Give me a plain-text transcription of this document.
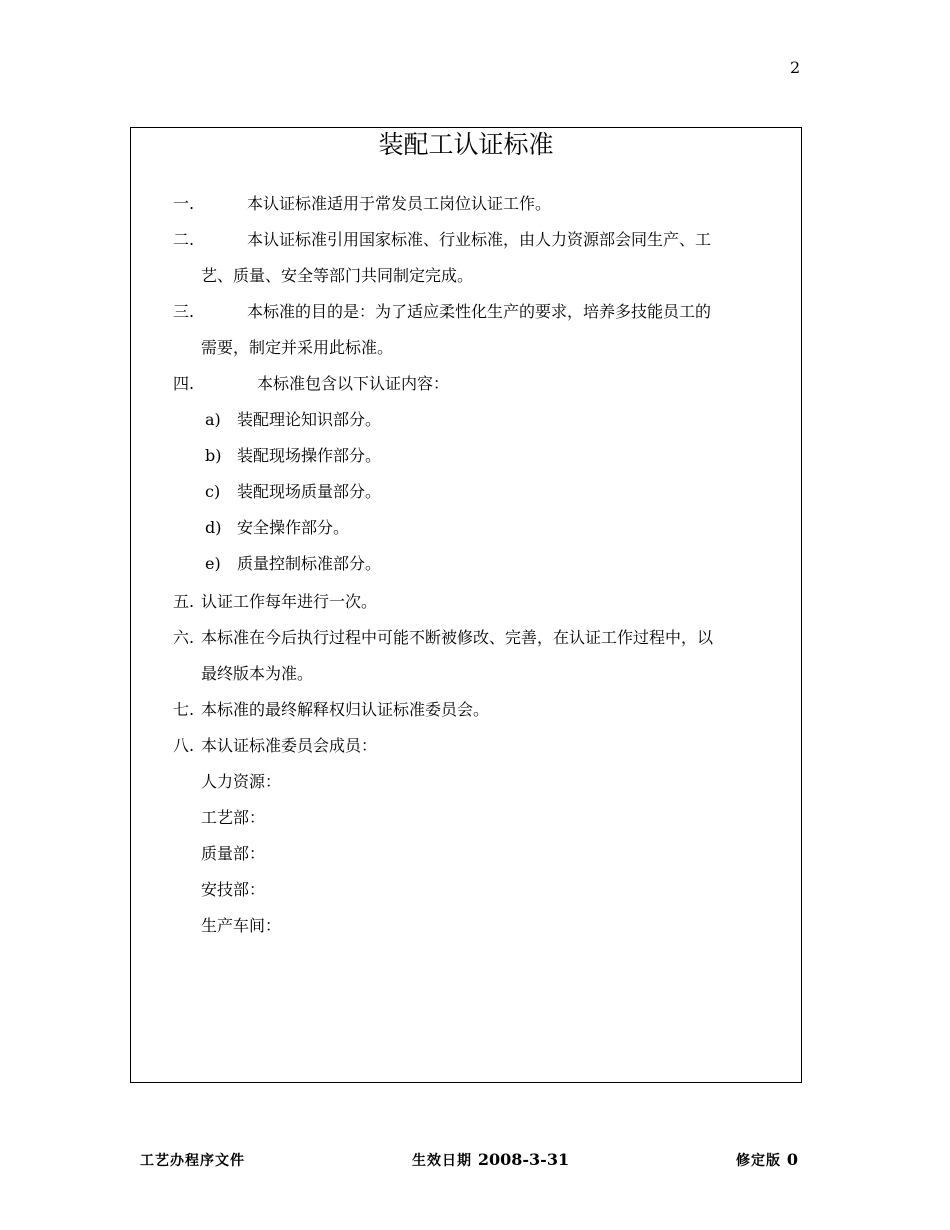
2
装配工认证标准
一.	本认证标准适用于常发员工岗位认证工作。
二.	本认证标准引用国家标准、行业标准，由人力资源部会同生产、工
艺、质量、安全等部门共同制定完成。
三.	本标准的目的是：为了适应柔性化生产的要求，培养多技能员工的
需要，制定并采用此标准。
四.	本标准包含以下认证内容：
a) 装配理论知识部分。
b) 装配现场操作部分。
c) 装配现场质量部分。
d) 安全操作部分。
e) 质量控制标准部分。
五. 认证工作每年进行一次。
六. 本标准在今后执行过程中可能不断被修改、完善，在认证工作过程中，以
最终版本为准。
七. 本标准的最终解释权归认证标准委员会。
八. 本认证标准委员会成员：
人力资源：
工艺部：
质量部：
安技部：
生产车间：
工艺办程序文件	生效日期 2008-3-31	修定版 0
